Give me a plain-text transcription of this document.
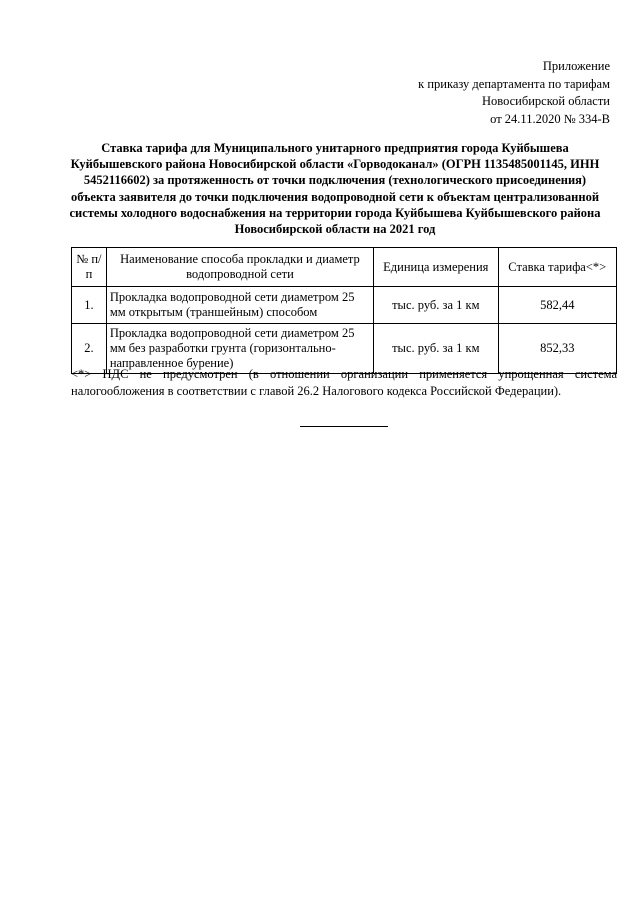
Приложение
к приказу департамента по тарифам
Новосибирской области
от 24.11.2020 № 334-В
Ставка тарифа для Муниципального унитарного предприятия города Куйбышева Куйбышевского района Новосибирской области «Горводоканал» (ОГРН 1135485001145, ИНН 5452116602) за протяженность от точки подключения (технологического присоединения) объекта заявителя до точки подключения водопроводной сети к объектам централизованной системы холодного водоснабжения на территории города Куйбышева Куйбышевского района Новосибирской области на 2021 год
№ п/п	Наименование способа прокладки и диаметр водопроводной сети	Единица измерения	Ставка тарифа<*>
1.	Прокладка водопроводной сети диаметром 25 мм открытым (траншейным) способом	тыс. руб. за 1 км	582,44
2.	Прокладка водопроводной сети диаметром 25 мм без разработки грунта (горизонтально-направленное бурение)	тыс. руб. за 1 км	852,33
<*> НДС не предусмотрен (в отношении организации применяется упрощенная система налогообложения в соответствии с главой 26.2 Налогового кодекса Российской Федерации).
